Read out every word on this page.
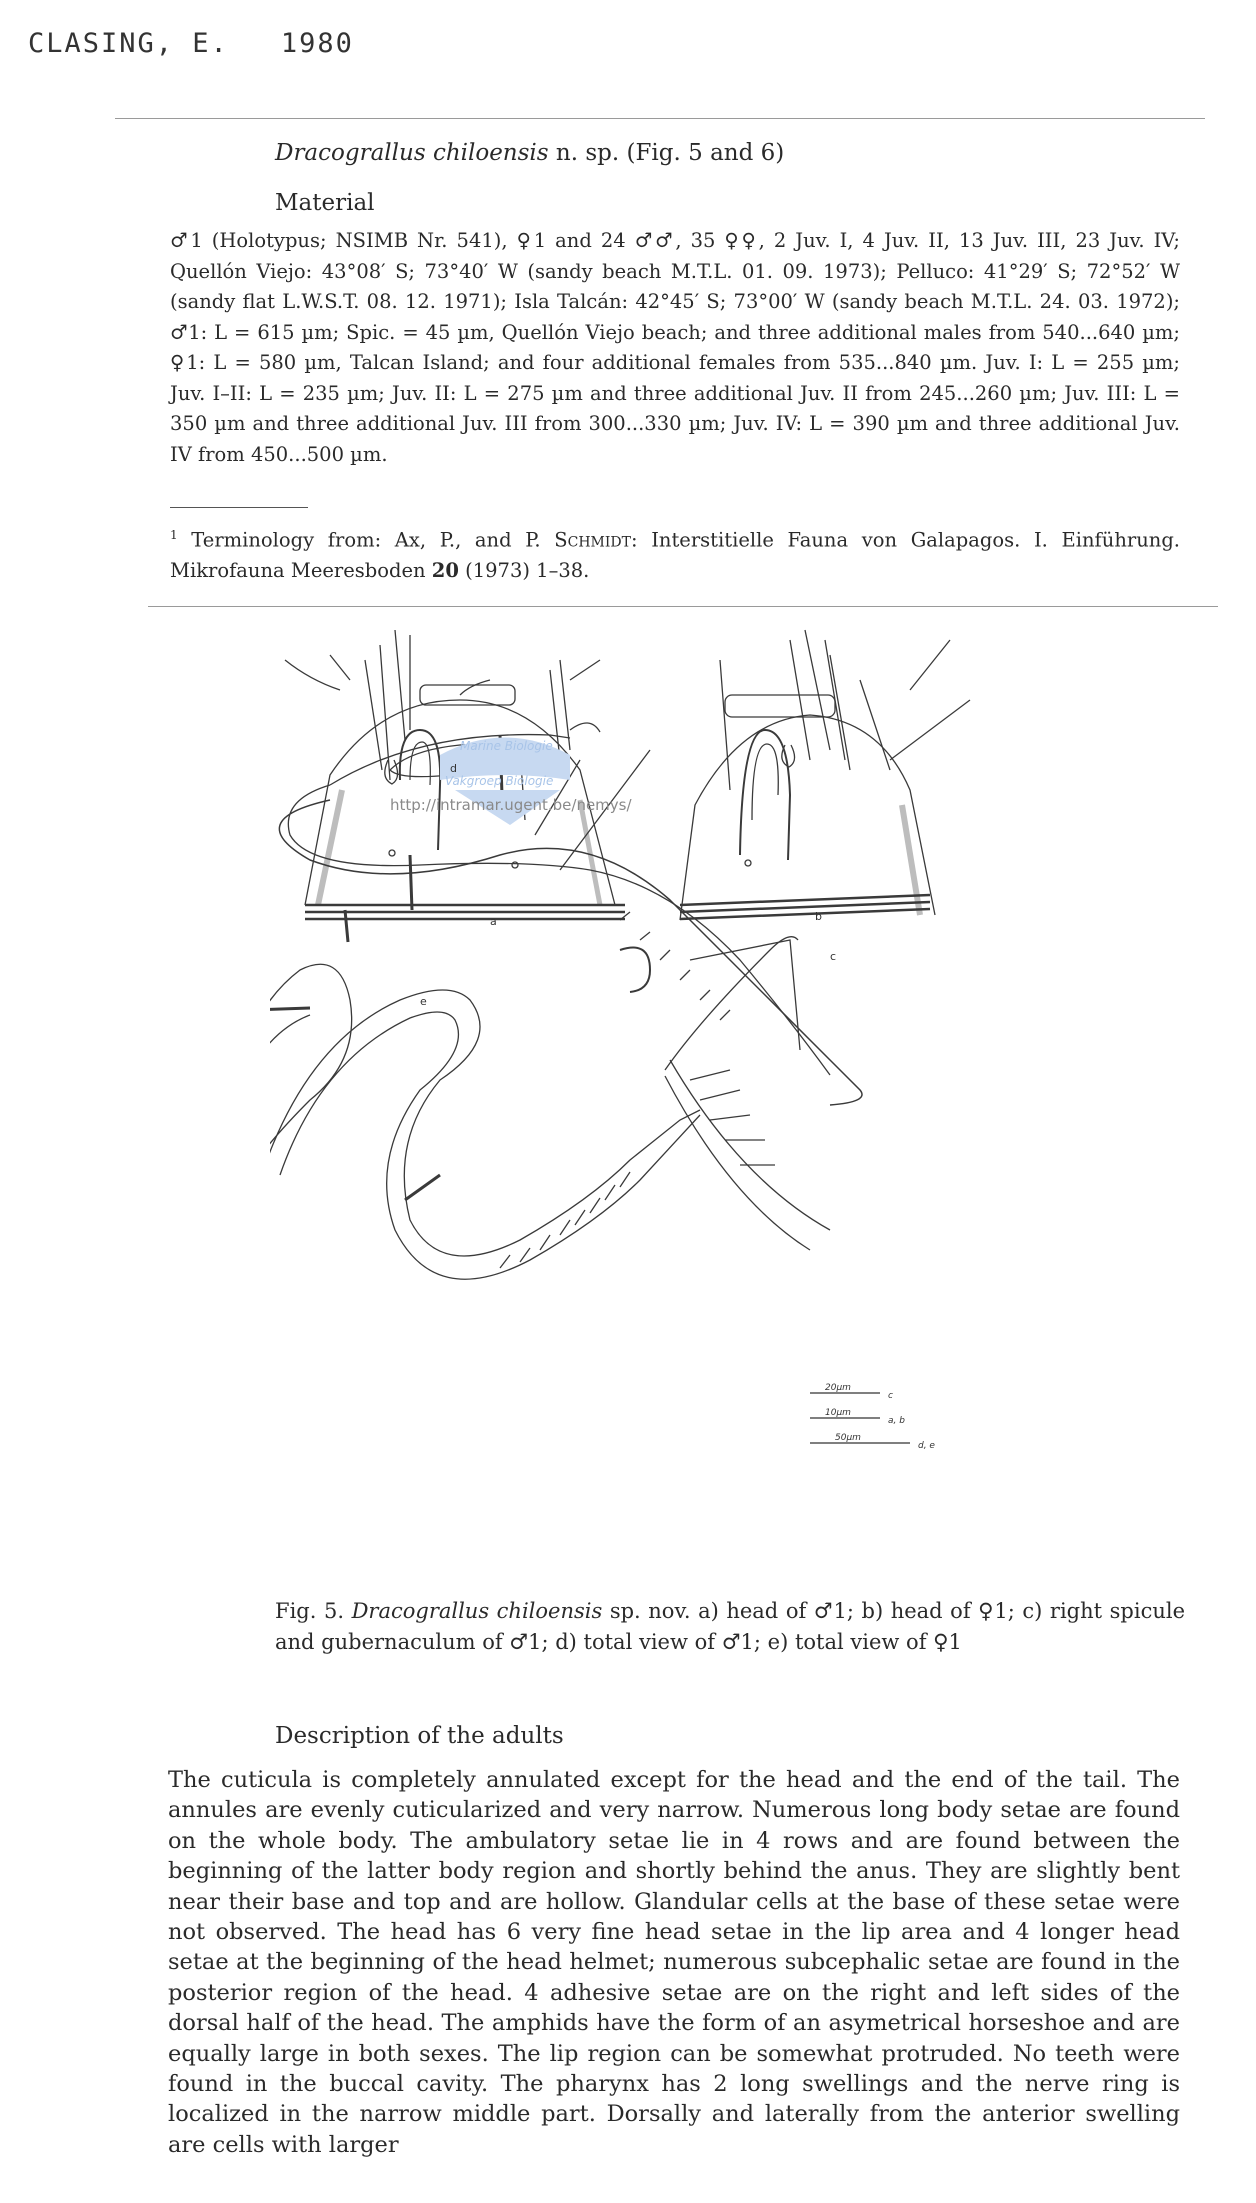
CLASING, E. 1980
Dracograllus chiloensis n. sp. (Fig. 5 and 6)
Material
♂1 (Holotypus; NSIMB Nr. 541), ♀1 and 24 ♂♂, 35 ♀♀, 2 Juv. I, 4 Juv. II, 13 Juv. III, 23 Juv. IV; Quellón Viejo: 43°08′ S; 73°40′ W (sandy beach M.T.L. 01. 09. 1973); Pelluco: 41°29′ S; 72°52′ W (sandy flat L.W.S.T. 08. 12. 1971); Isla Talcán: 42°45′ S; 73°00′ W (sandy beach M.T.L. 24. 03. 1972); ♂1: L = 615 µm; Spic. = 45 µm, Quellón Viejo beach; and three additional males from 540...640 µm; ♀1: L = 580 µm, Talcan Island; and four additional females from 535...840 µm. Juv. I: L = 255 µm; Juv. I–II: L = 235 µm; Juv. II: L = 275 µm and three additional Juv. II from 245...260 µm; Juv. III: L = 350 µm and three additional Juv. III from 300...330 µm; Juv. IV: L = 390 µm and three additional Juv. IV from 450...500 µm.
$^1$ Terminology from: Ax, P., and P. Schmidt: Interstitielle Fauna von Galapagos. I. Einführung. Mikrofauna Meeresboden 20 (1973) 1–38.
Marine Biologie
Vakgroep Biologie
http://intramar.ugent.be/nemys/
a	b
c
d
e
20µm
c
10µm
a, b
50µm
d, e
Fig. 5. Dracograllus chiloensis sp. nov. a) head of ♂1; b) head of ♀1; c) right spicule and gubernaculum of ♂1; d) total view of ♂1; e) total view of ♀1
Description of the adults
The cuticula is completely annulated except for the head and the end of the tail. The annules are evenly cuticularized and very narrow. Numerous long body setae are found on the whole body. The ambulatory setae lie in 4 rows and are found between the beginning of the latter body region and shortly behind the anus. They are slightly bent near their base and top and are hollow. Glandular cells at the base of these setae were not observed. The head has 6 very fine head setae in the lip area and 4 longer head setae at the beginning of the head helmet; numerous subcephalic setae are found in the posterior region of the head. 4 adhesive setae are on the right and left sides of the dorsal half of the head. The amphids have the form of an asymetrical horseshoe and are equally large in both sexes. The lip region can be somewhat protruded. No teeth were found in the buccal cavity. The pharynx has 2 long swellings and the nerve ring is localized in the narrow middle part. Dorsally and laterally from the anterior swelling are cells with larger
